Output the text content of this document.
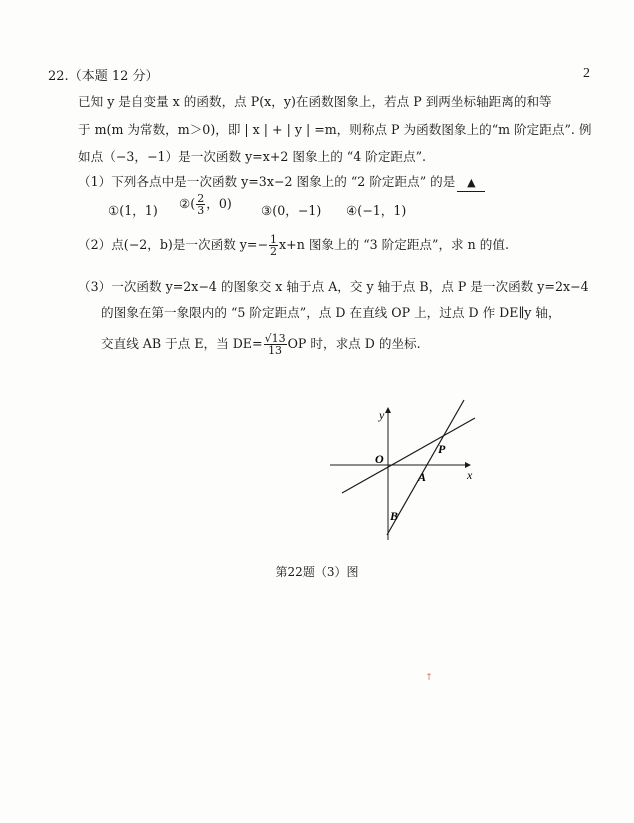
22.（本题 12 分）	2
已知 y 是自变量 x 的函数，点 P(x，y)在函数图象上，若点 P 到两坐标轴距离的和等
于 m(m 为常数，m＞0)，即 | x | + | y | =m，则称点 P 为函数图象上的“m 阶定距点”. 例
如点（−3，−1）是一次函数 y=x+2 图象上的 “4 阶定距点”.
（1）下列各点中是一次函数 y=3x−2 图象上的 “2 阶定距点” 的是 ▲
①(1，1) ②( $\frac{2}{3}$ ，0) ③(0，−1) ④(−1，1)
（2）点(−2，b)是一次函数 $y=- \frac{1}{2} x+n$ 图象上的 “3 阶定距点”，求 n 的值.
（3）一次函数 y=2x−4 的图象交 x 轴于点 A，交 y 轴于点 B，点 P 是一次函数 y=2x−4
的图象在第一象限内的 “5 阶定距点”，点 D 在直线 OP 上，过点 D 作 DE∥y 轴，
交直线 AB 于点 E，当 $DE= \frac{√13}{13}$ OP 时，求点 D 的坐标.
y
x
O
P
A
B
第22题（3）图
†
